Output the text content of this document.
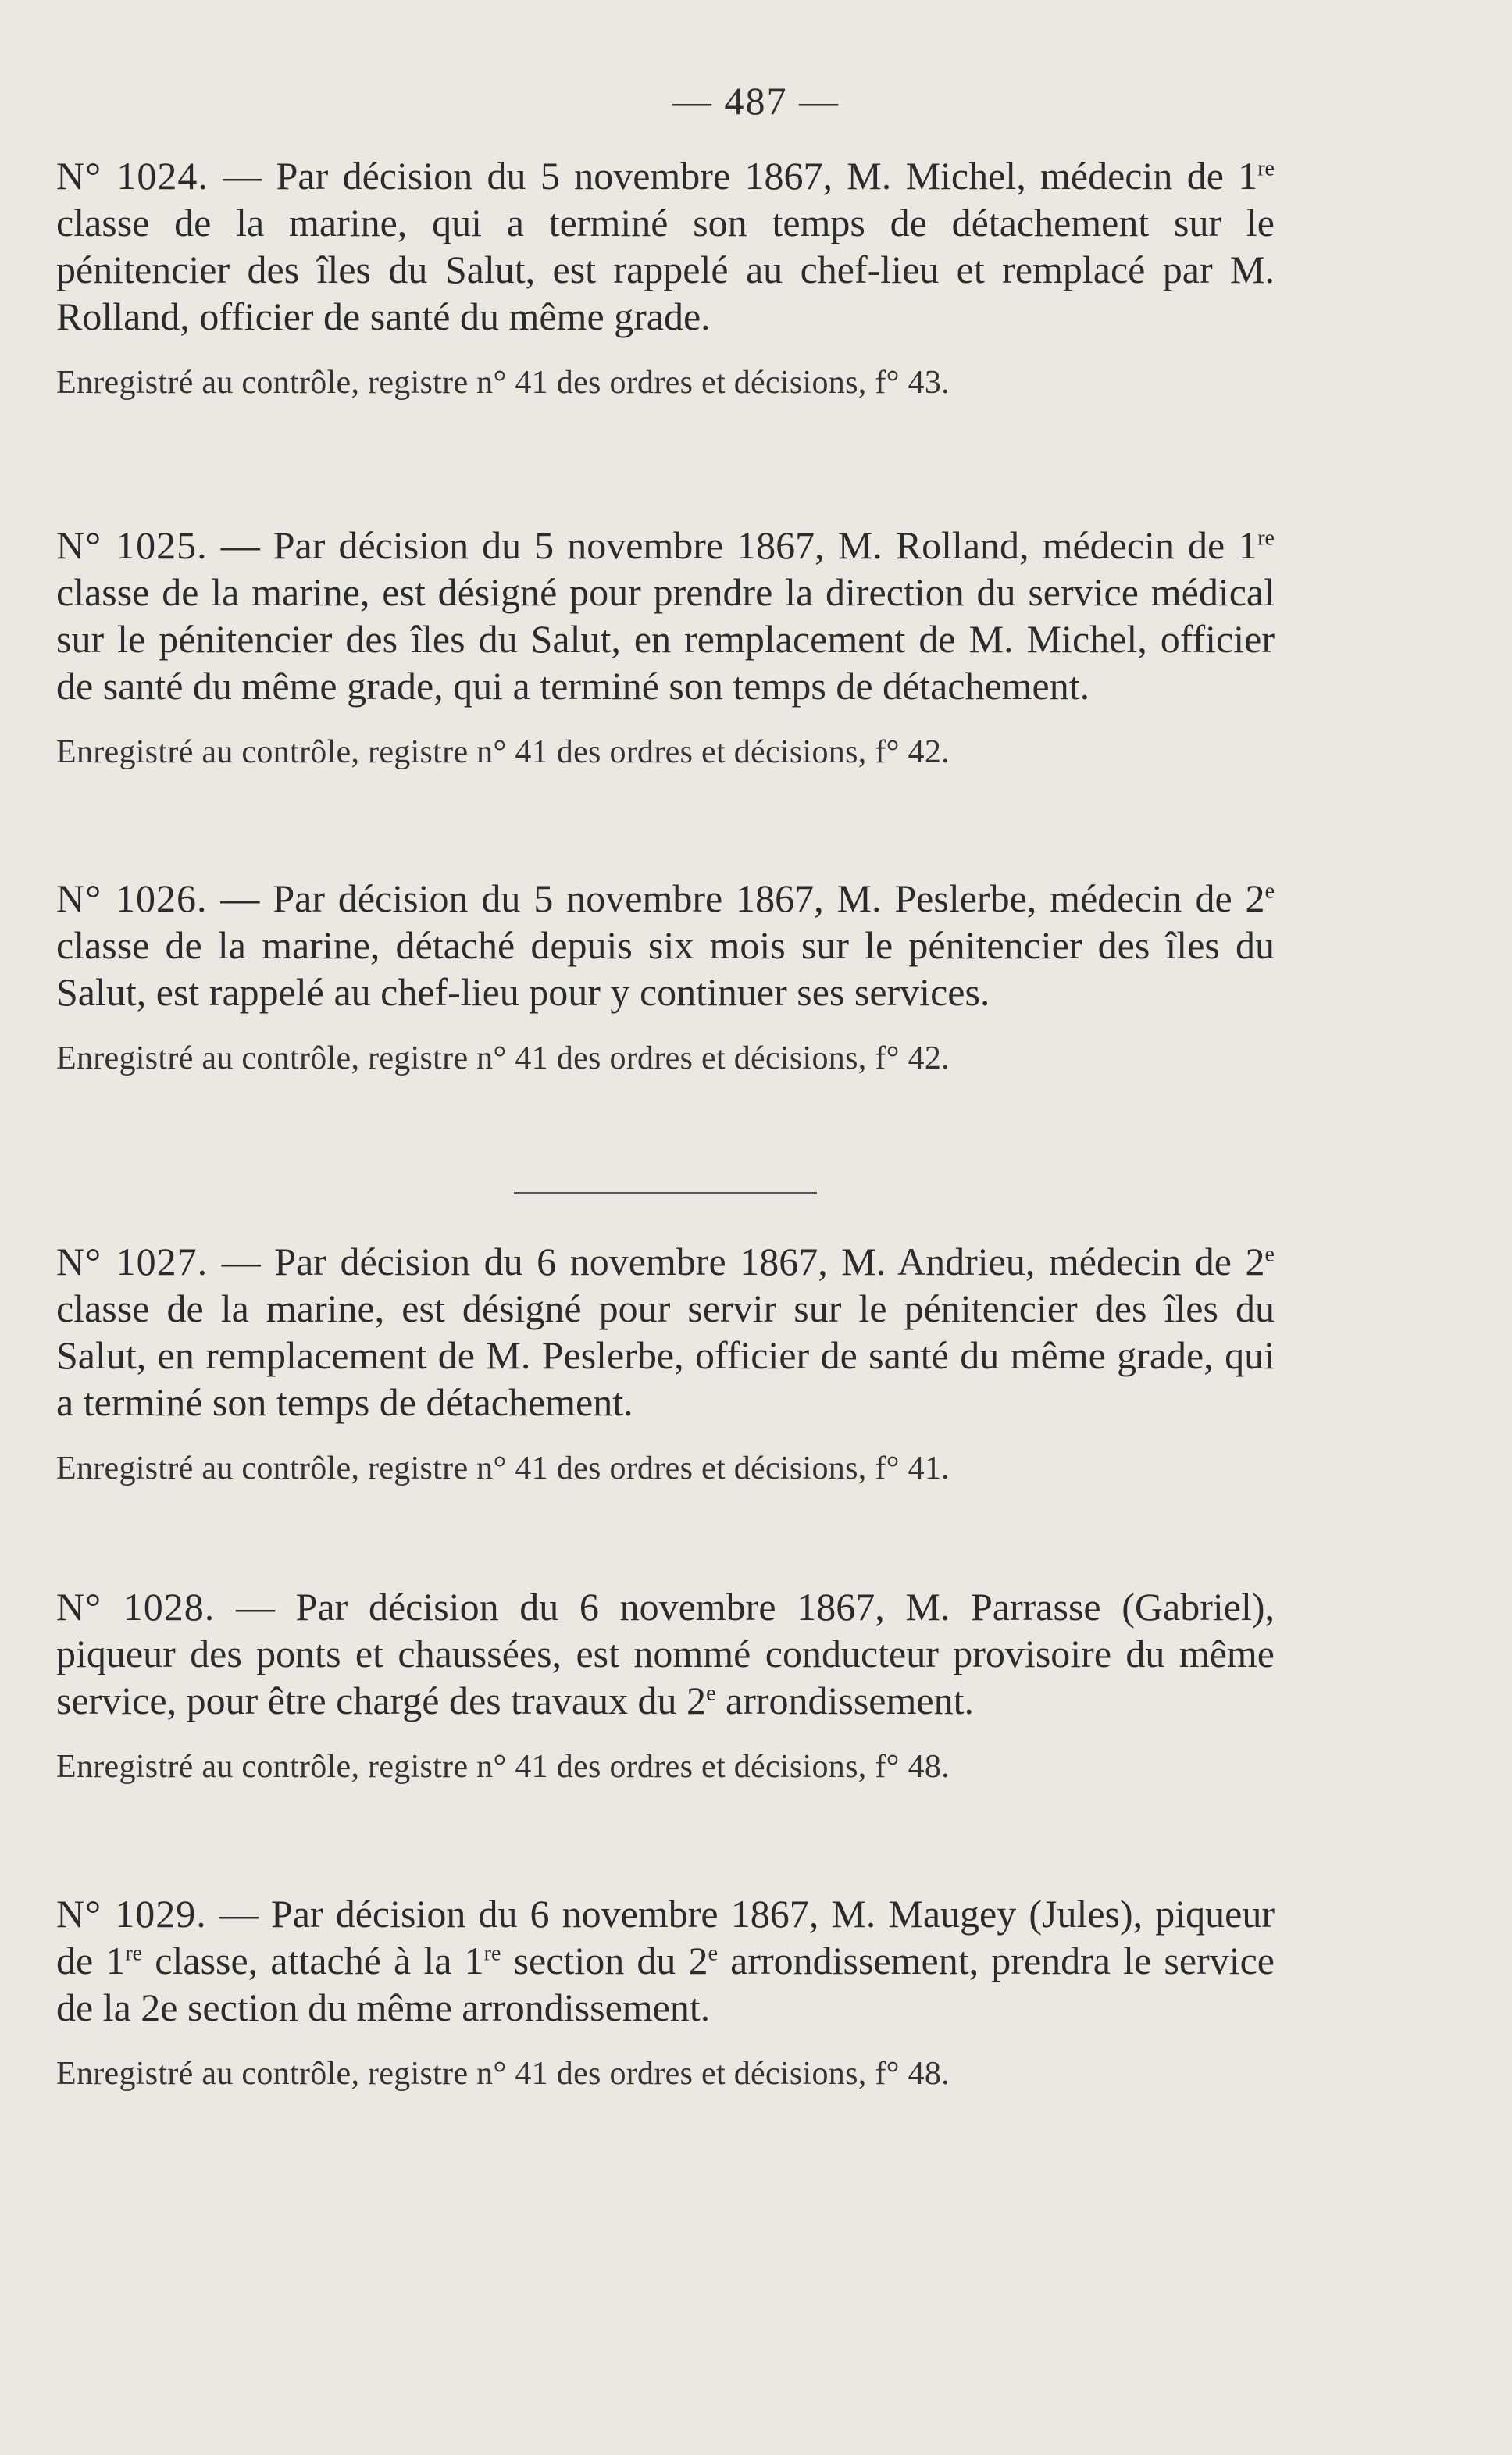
— 487 —

N° 1024. — Par décision du 5 novembre 1867, M. Michel, médecin de 1re classe de la marine, qui a terminé son temps de détachement sur le pénitencier des îles du Salut, est rappelé au chef-lieu et remplacé par M. Rolland, officier de santé du même grade.

Enregistré au contrôle, registre n° 41 des ordres et décisions, f° 43.

N° 1025. — Par décision du 5 novembre 1867, M. Rolland, médecin de 1re classe de la marine, est désigné pour prendre la direction du service médical sur le pénitencier des îles du Salut, en remplacement de M. Michel, officier de santé du même grade, qui a terminé son temps de détachement.

Enregistré au contrôle, registre n° 41 des ordres et décisions, f° 42.

N° 1026. — Par décision du 5 novembre 1867, M. Peslerbe, médecin de 2e classe de la marine, détaché depuis six mois sur le pénitencier des îles du Salut, est rappelé au chef-lieu pour y continuer ses services.

Enregistré au contrôle, registre n° 41 des ordres et décisions, f° 42.

N° 1027. — Par décision du 6 novembre 1867, M. Andrieu, médecin de 2e classe de la marine, est désigné pour servir sur le pénitencier des îles du Salut, en remplacement de M. Peslerbe, officier de santé du même grade, qui a terminé son temps de détachement.

Enregistré au contrôle, registre n° 41 des ordres et décisions, f° 41.

N° 1028. — Par décision du 6 novembre 1867, M. Parrasse (Gabriel), piqueur des ponts et chaussées, est nommé conducteur provisoire du même service, pour être chargé des travaux du 2e arrondissement.

Enregistré au contrôle, registre n° 41 des ordres et décisions, f° 48.

N° 1029. — Par décision du 6 novembre 1867, M. Maugey (Jules), piqueur de 1re classe, attaché à la 1re section du 2e arrondissement, prendra le service de la 2e section du même arrondissement.

Enregistré au contrôle, registre n° 41 des ordres et décisions, f° 48.
